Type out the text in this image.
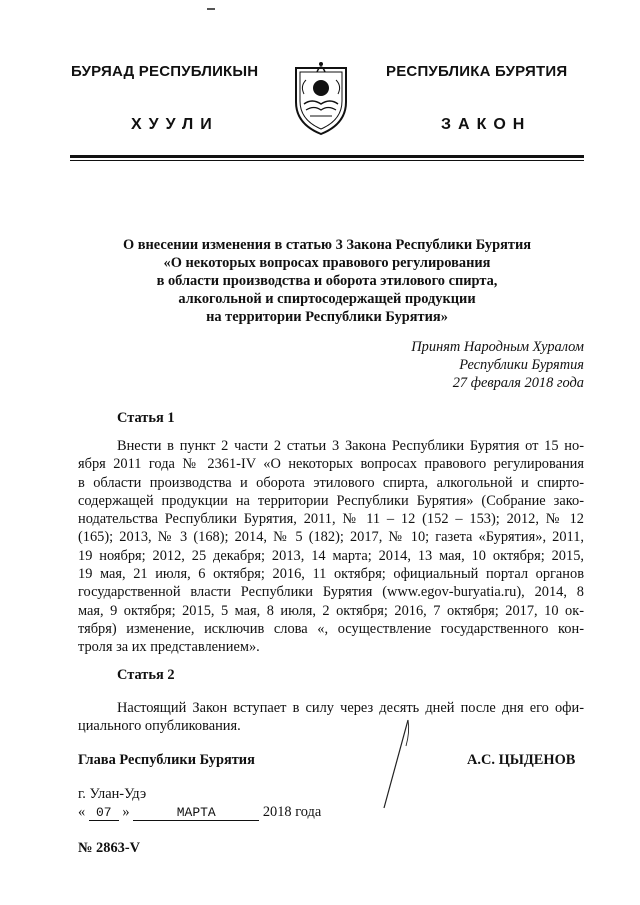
БУРЯАД РЕСПУБЛИКЫН	РЕСПУБЛИКА БУРЯТИЯ
ХУУЛИ	ЗАКОН
О внесении изменения в статью 3 Закона Республики Бурятия
«О некоторых вопросах правового регулирования
в области производства и оборота этилового спирта,
алкогольной и спиртосодержащей продукции
на территории Республики Бурятия»
Принят Народным Хуралом
Республики Бурятия
27 февраля 2018 года
Статья 1
Внести в пункт 2 части 2 статьи 3 Закона Республики Бурятия от 15 но-
ября 2011 года № 2361-IV «О некоторых вопросах правового регулирования
в области производства и оборота этилового спирта, алкогольной и спирто-
содержащей продукции на территории Республики Бурятия» (Собрание зако-
нодательства Республики Бурятия, 2011, № 11 – 12 (152 – 153); 2012, № 12
(165); 2013, № 3 (168); 2014, № 5 (182); 2017, № 10; газета «Бурятия», 2011,
19 ноября; 2012, 25 декабря; 2013, 14 марта; 2014, 13 мая, 10 октября; 2015,
19 мая, 21 июля, 6 октября; 2016, 11 октября; официальный портал органов
государственной власти Республики Бурятия (www.egov-buryatia.ru), 2014, 8
мая, 9 октября; 2015, 5 мая, 8 июля, 2 октября; 2016, 7 октября; 2017, 10 ок-
тября) изменение, исключив слова «, осуществление государственного кон-
троля за их представлением».
Статья 2
Настоящий Закон вступает в силу через десять дней после дня его офи-
циального опубликования.
Глава Республики Бурятия	А.С. ЦЫДЕНОВ
г. Улан-Удэ
« 07 »	МАРТА	2018 года
№ 2863-V
